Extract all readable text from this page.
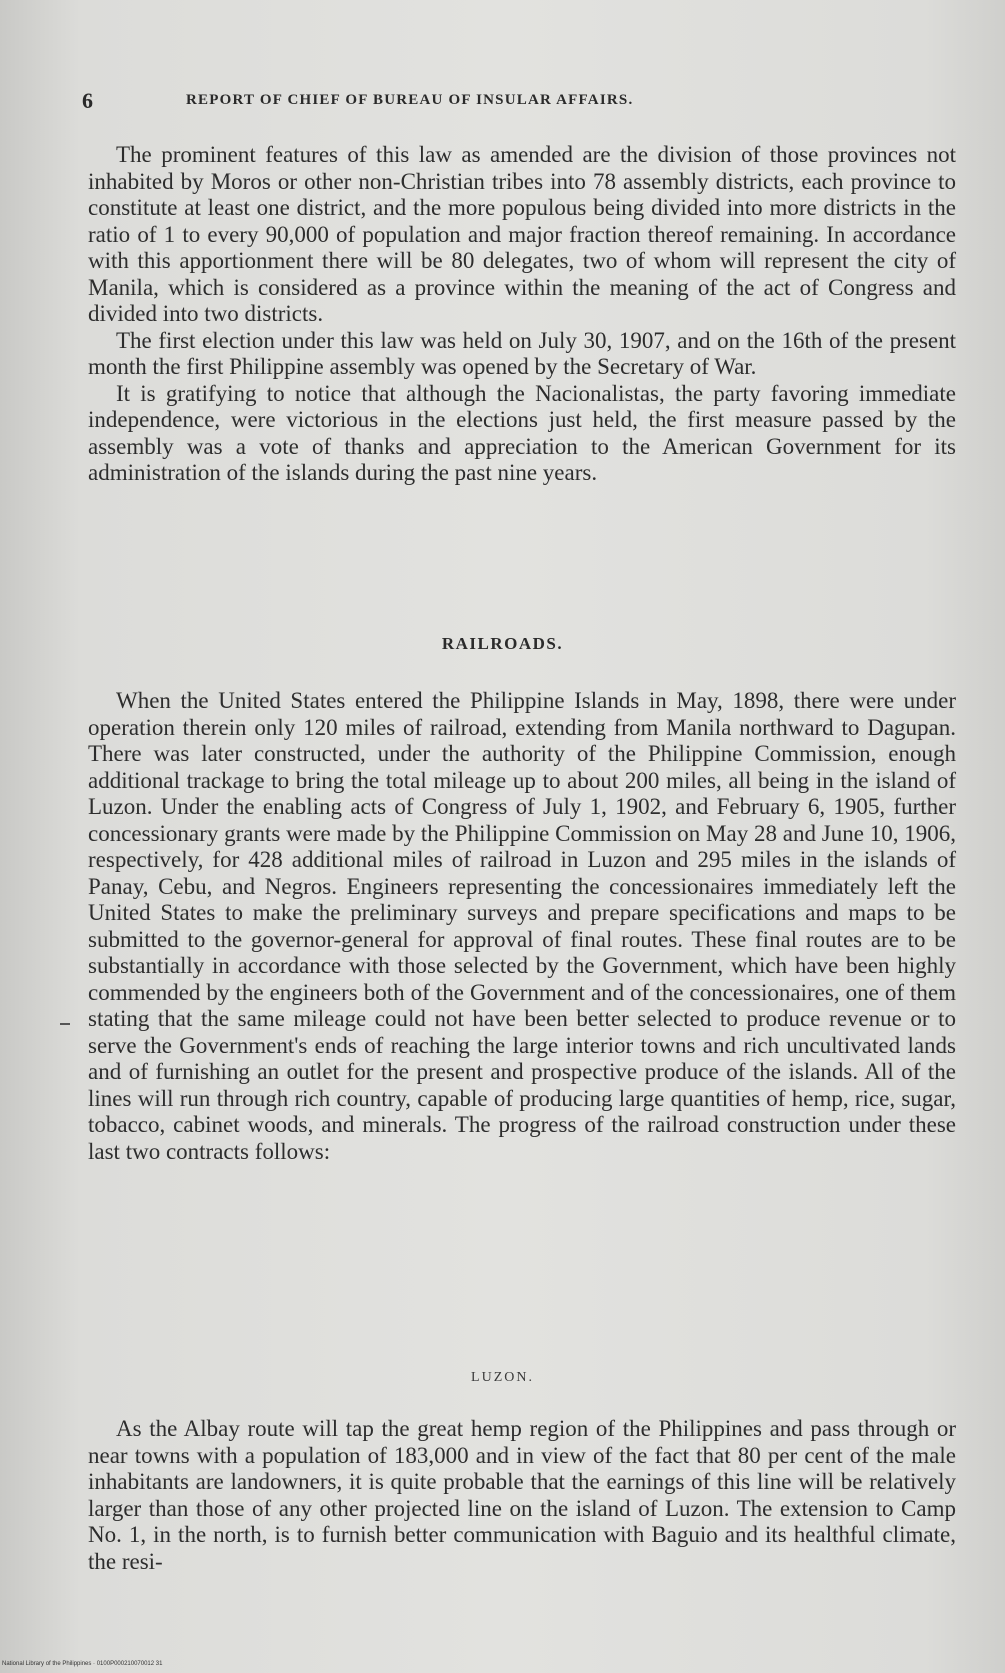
6	REPORT OF CHIEF OF BUREAU OF INSULAR AFFAIRS.

The prominent features of this law as amended are the division of those provinces not inhabited by Moros or other non-Christian tribes into 78 assembly districts, each province to constitute at least one district, and the more populous being divided into more districts in the ratio of 1 to every 90,000 of population and major fraction thereof remaining. In accordance with this apportionment there will be 80 delegates, two of whom will represent the city of Manila, which is considered as a province within the meaning of the act of Congress and divided into two districts.

The first election under this law was held on July 30, 1907, and on the 16th of the present month the first Philippine assembly was opened by the Secretary of War.

It is gratifying to notice that although the Nacionalistas, the party favoring immediate independence, were victorious in the elections just held, the first measure passed by the assembly was a vote of thanks and appreciation to the American Government for its administration of the islands during the past nine years.

RAILROADS.

When the United States entered the Philippine Islands in May, 1898, there were under operation therein only 120 miles of railroad, extending from Manila northward to Dagupan. There was later constructed, under the authority of the Philippine Commission, enough additional trackage to bring the total mileage up to about 200 miles, all being in the island of Luzon. Under the enabling acts of Congress of July 1, 1902, and February 6, 1905, further concessionary grants were made by the Philippine Commission on May 28 and June 10, 1906, respectively, for 428 additional miles of railroad in Luzon and 295 miles in the islands of Panay, Cebu, and Negros. Engineers representing the concessionaires immediately left the United States to make the preliminary surveys and prepare specifications and maps to be submitted to the governor-general for approval of final routes. These final routes are to be substantially in accordance with those selected by the Government, which have been highly commended by the engineers both of the Government and of the concessionaires, one of them stating that the same mileage could not have been better selected to produce revenue or to serve the Government's ends of reaching the large interior towns and rich uncultivated lands and of furnishing an outlet for the present and prospective produce of the islands. All of the lines will run through rich country, capable of producing large quantities of hemp, rice, sugar, tobacco, cabinet woods, and minerals. The progress of the railroad construction under these last two contracts follows:

LUZON.

As the Albay route will tap the great hemp region of the Philippines and pass through or near towns with a population of 183,000 and in view of the fact that 80 per cent of the male inhabitants are landowners, it is quite probable that the earnings of this line will be relatively larger than those of any other projected line on the island of Luzon. The extension to Camp No. 1, in the north, is to furnish better communication with Baguio and its healthful climate, the resi-

National Library of the Philippines · 0100P000210070012 31
